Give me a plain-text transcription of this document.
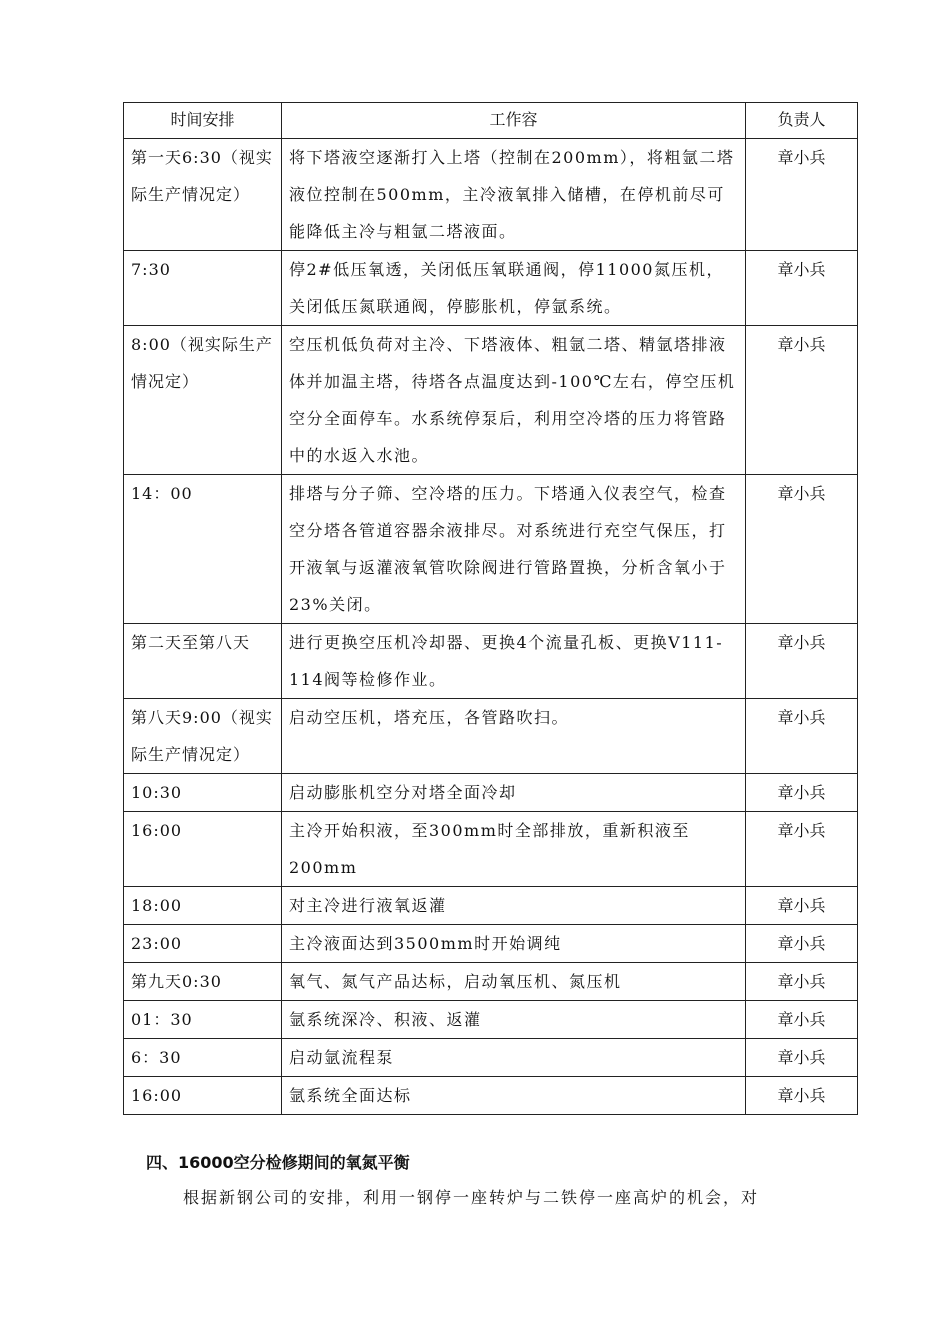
时间安排	工作容	负责人
第一天6:30（视实际生产情况定）	将下塔液空逐渐打入上塔（控制在200mm），将粗氩二塔液位控制在500mm，主冷液氧排入储槽，在停机前尽可能降低主冷与粗氩二塔液面。	章小兵
7:30	停2#低压氧透，关闭低压氧联通阀，停11000氮压机，关闭低压氮联通阀，停膨胀机，停氩系统。	章小兵
8:00（视实际生产情况定）	空压机低负荷对主冷、下塔液体、粗氩二塔、精氩塔排液体并加温主塔，待塔各点温度达到-100℃左右，停空压机空分全面停车。水系统停泵后，利用空冷塔的压力将管路中的水返入水池。	章小兵
14：00	排塔与分子筛、空冷塔的压力。下塔通入仪表空气，检查空分塔各管道容器余液排尽。对系统进行充空气保压，打开液氧与返灌液氧管吹除阀进行管路置换，分析含氧小于23%关闭。	章小兵
第二天至第八天	进行更换空压机冷却器、更换4个流量孔板、更换V111-114阀等检修作业。	章小兵
第八天9:00（视实际生产情况定）	启动空压机，塔充压，各管路吹扫。	章小兵
10:30	启动膨胀机空分对塔全面冷却	章小兵
16:00	主冷开始积液，至300mm时全部排放，重新积液至200mm	章小兵
18:00	对主冷进行液氧返灌	章小兵
23:00	主冷液面达到3500mm时开始调纯	章小兵
第九天0:30	氧气、氮气产品达标，启动氧压机、氮压机	章小兵
01：30	氩系统深冷、积液、返灌	章小兵
6：30	启动氩流程泵	章小兵
16:00	氩系统全面达标	章小兵
四、16000空分检修期间的氧氮平衡
根据新钢公司的安排，利用一钢停一座转炉与二铁停一座高炉的机会，对
